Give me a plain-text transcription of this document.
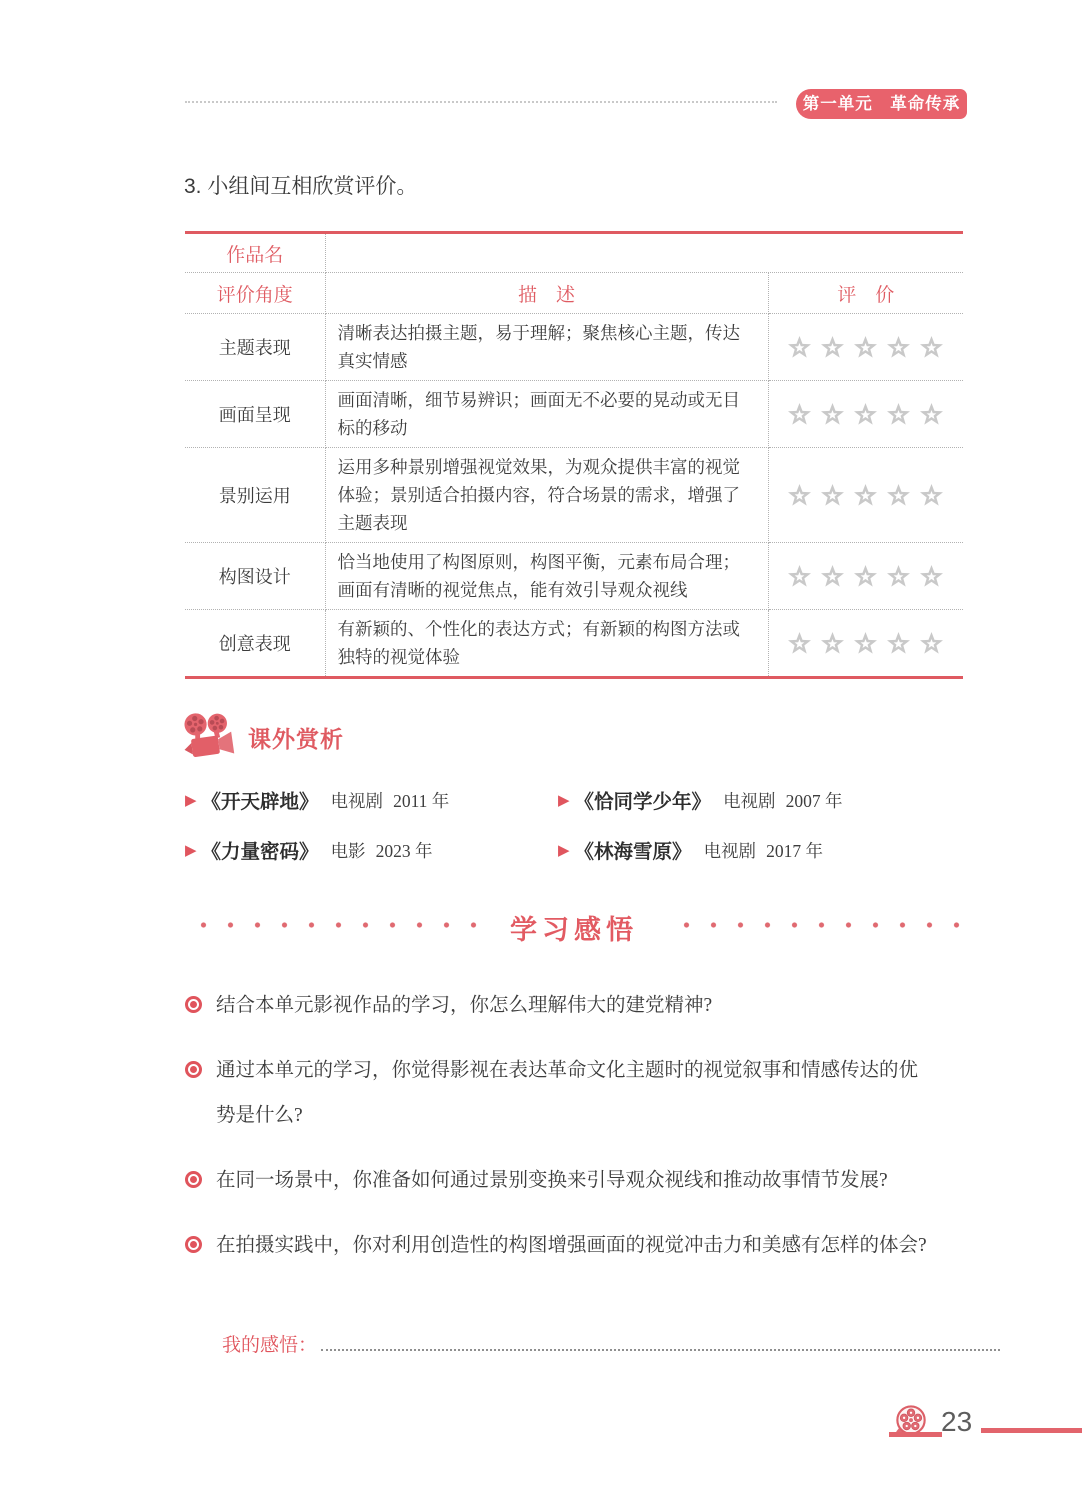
第一单元　革命传承
3. 小组间互相欣赏评价。
作品名		
评价角度	描　述	评　价
主题表现	清晰表达拍摄主题，易于理解；聚焦核心主题，传达真实情感	
画面呈现	画面清晰，细节易辨识；画面无不必要的晃动或无目标的移动	
景别运用	运用多种景别增强视觉效果，为观众提供丰富的视觉体验；景别适合拍摄内容，符合场景的需求，增强了主题表现	
构图设计	恰当地使用了构图原则，构图平衡，元素布局合理；画面有清晰的视觉焦点，能有效引导观众视线	
创意表现	有新颖的、个性化的表达方式；有新颖的构图方法或独特的视觉体验	
课外赏析
▶ 《开天辟地》 电视剧 2011 年	▶ 《恰同学少年》 电视剧 2007 年
▶ 《力量密码》 电影 2023 年	▶ 《林海雪原》 电视剧 2017 年
学习感悟
结合本单元影视作品的学习，你怎么理解伟大的建党精神?
通过本单元的学习，你觉得影视在表达革命文化主题时的视觉叙事和情感传达的优势是什么?
在同一场景中，你准备如何通过景别变换来引导观众视线和推动故事情节发展?
在拍摄实践中，你对利用创造性的构图增强画面的视觉冲击力和美感有怎样的体会?
我的感悟：
23
